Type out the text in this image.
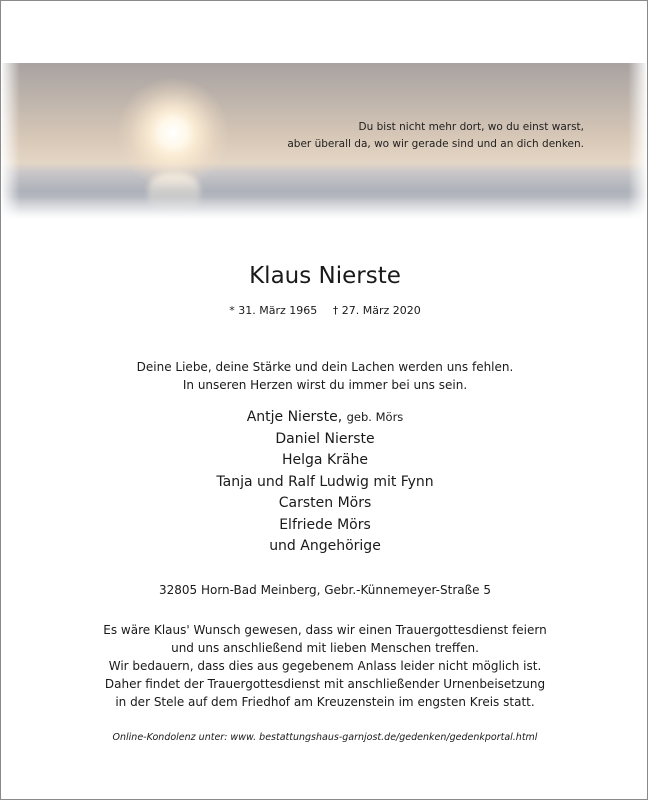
Du bist nicht mehr dort, wo du einst warst,
aber überall da, wo wir gerade sind und an dich denken.
Klaus Nierste
* 31. März 1965 † 27. März 2020
Deine Liebe, deine Stärke und dein Lachen werden uns fehlen.
In unseren Herzen wirst du immer bei uns sein.
Antje Nierste, geb. Mörs
Daniel Nierste
Helga Krähe
Tanja und Ralf Ludwig mit Fynn
Carsten Mörs
Elfriede Mörs
und Angehörige
32805 Horn-Bad Meinberg, Gebr.-Künnemeyer-Straße 5
Es wäre Klaus' Wunsch gewesen, dass wir einen Trauergottesdienst feiern
und uns anschließend mit lieben Menschen treffen.
Wir bedauern, dass dies aus gegebenem Anlass leider nicht möglich ist.
Daher findet der Trauergottesdienst mit anschließender Urnenbeisetzung
in der Stele auf dem Friedhof am Kreuzenstein im engsten Kreis statt.
Online-Kondolenz unter: www. bestattungshaus-garnjost.de/gedenken/gedenkportal.html
